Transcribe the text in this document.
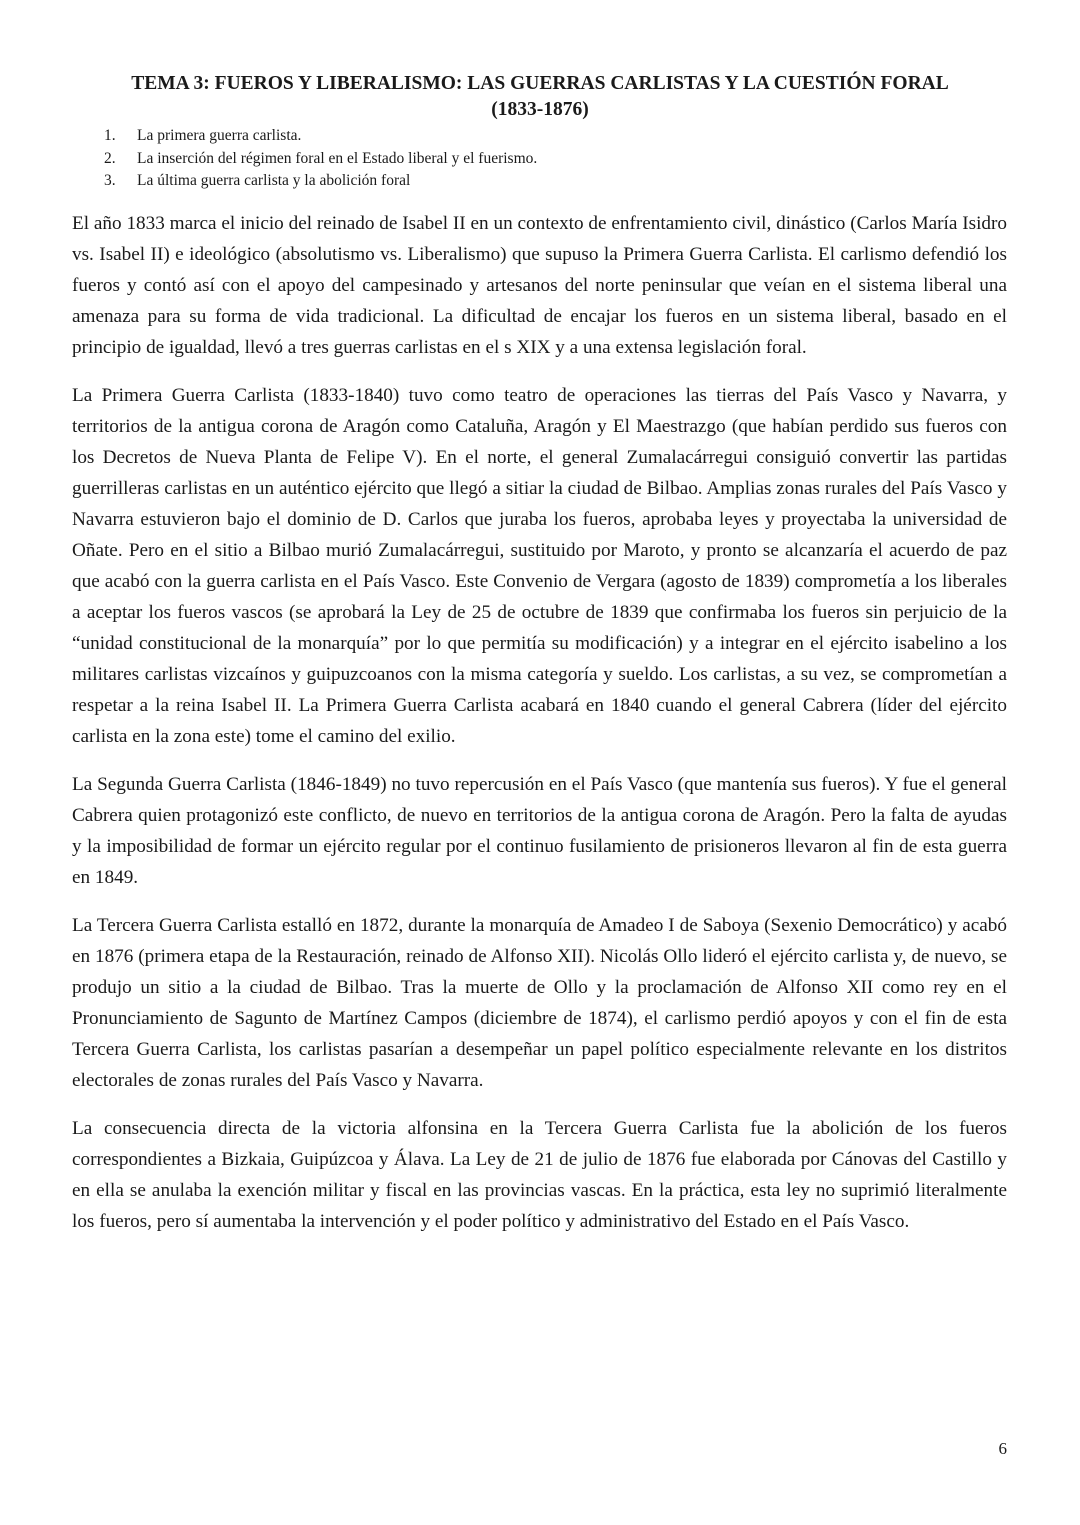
TEMA 3: FUEROS Y LIBERALISMO: LAS GUERRAS CARLISTAS Y LA CUESTIÓN FORAL
(1833-1876)
1. La primera guerra carlista.
2. La inserción del régimen foral en el Estado liberal y el fuerismo.
3. La última guerra carlista y la abolición foral

El año 1833 marca el inicio del reinado de Isabel II en un contexto de enfrentamiento civil, dinástico (Carlos María Isidro vs. Isabel II) e ideológico (absolutismo vs. Liberalismo) que supuso la Primera Guerra Carlista. El carlismo defendió los fueros y contó así con el apoyo del campesinado y artesanos del norte peninsular que veían en el sistema liberal una amenaza para su forma de vida tradicional. La dificultad de encajar los fueros en un sistema liberal, basado en el principio de igualdad, llevó a tres guerras carlistas en el s XIX y a una extensa legislación foral.

La Primera Guerra Carlista (1833-1840) tuvo como teatro de operaciones las tierras del País Vasco y Navarra, y territorios de la antigua corona de Aragón como Cataluña, Aragón y El Maestrazgo (que habían perdido sus fueros con los Decretos de Nueva Planta de Felipe V). En el norte, el general Zumalacárregui consiguió convertir las partidas guerrilleras carlistas en un auténtico ejército que llegó a sitiar la ciudad de Bilbao. Amplias zonas rurales del País Vasco y Navarra estuvieron bajo el dominio de D. Carlos que juraba los fueros, aprobaba leyes y proyectaba la universidad de Oñate. Pero en el sitio a Bilbao murió Zumalacárregui, sustituido por Maroto, y pronto se alcanzaría el acuerdo de paz que acabó con la guerra carlista en el País Vasco. Este Convenio de Vergara (agosto de 1839) comprometía a los liberales a aceptar los fueros vascos (se aprobará la Ley de 25 de octubre de 1839 que confirmaba los fueros sin perjuicio de la “unidad constitucional de la monarquía” por lo que permitía su modificación) y a integrar en el ejército isabelino a los militares carlistas vizcaínos y guipuzcoanos con la misma categoría y sueldo. Los carlistas, a su vez, se comprometían a respetar a la reina Isabel II. La Primera Guerra Carlista acabará en 1840 cuando el general Cabrera (líder del ejército carlista en la zona este) tome el camino del exilio.

La Segunda Guerra Carlista (1846-1849) no tuvo repercusión en el País Vasco (que mantenía sus fueros). Y fue el general Cabrera quien protagonizó este conflicto, de nuevo en territorios de la antigua corona de Aragón. Pero la falta de ayudas y la imposibilidad de formar un ejército regular por el continuo fusilamiento de prisioneros llevaron al fin de esta guerra en 1849.

La Tercera Guerra Carlista estalló en 1872, durante la monarquía de Amadeo I de Saboya (Sexenio Democrático) y acabó en 1876 (primera etapa de la Restauración, reinado de Alfonso XII). Nicolás Ollo lideró el ejército carlista y, de nuevo, se produjo un sitio a la ciudad de Bilbao. Tras la muerte de Ollo y la proclamación de Alfonso XII como rey en el Pronunciamiento de Sagunto de Martínez Campos (diciembre de 1874), el carlismo perdió apoyos y con el fin de esta Tercera Guerra Carlista, los carlistas pasarían a desempeñar un papel político especialmente relevante en los distritos electorales de zonas rurales del País Vasco y Navarra.

La consecuencia directa de la victoria alfonsina en la Tercera Guerra Carlista fue la abolición de los fueros correspondientes a Bizkaia, Guipúzcoa y Álava. La Ley de 21 de julio de 1876 fue elaborada por Cánovas del Castillo y en ella se anulaba la exención militar y fiscal en las provincias vascas. En la práctica, esta ley no suprimió literalmente los fueros, pero sí aumentaba la intervención y el poder político y administrativo del Estado en el País Vasco.

6
